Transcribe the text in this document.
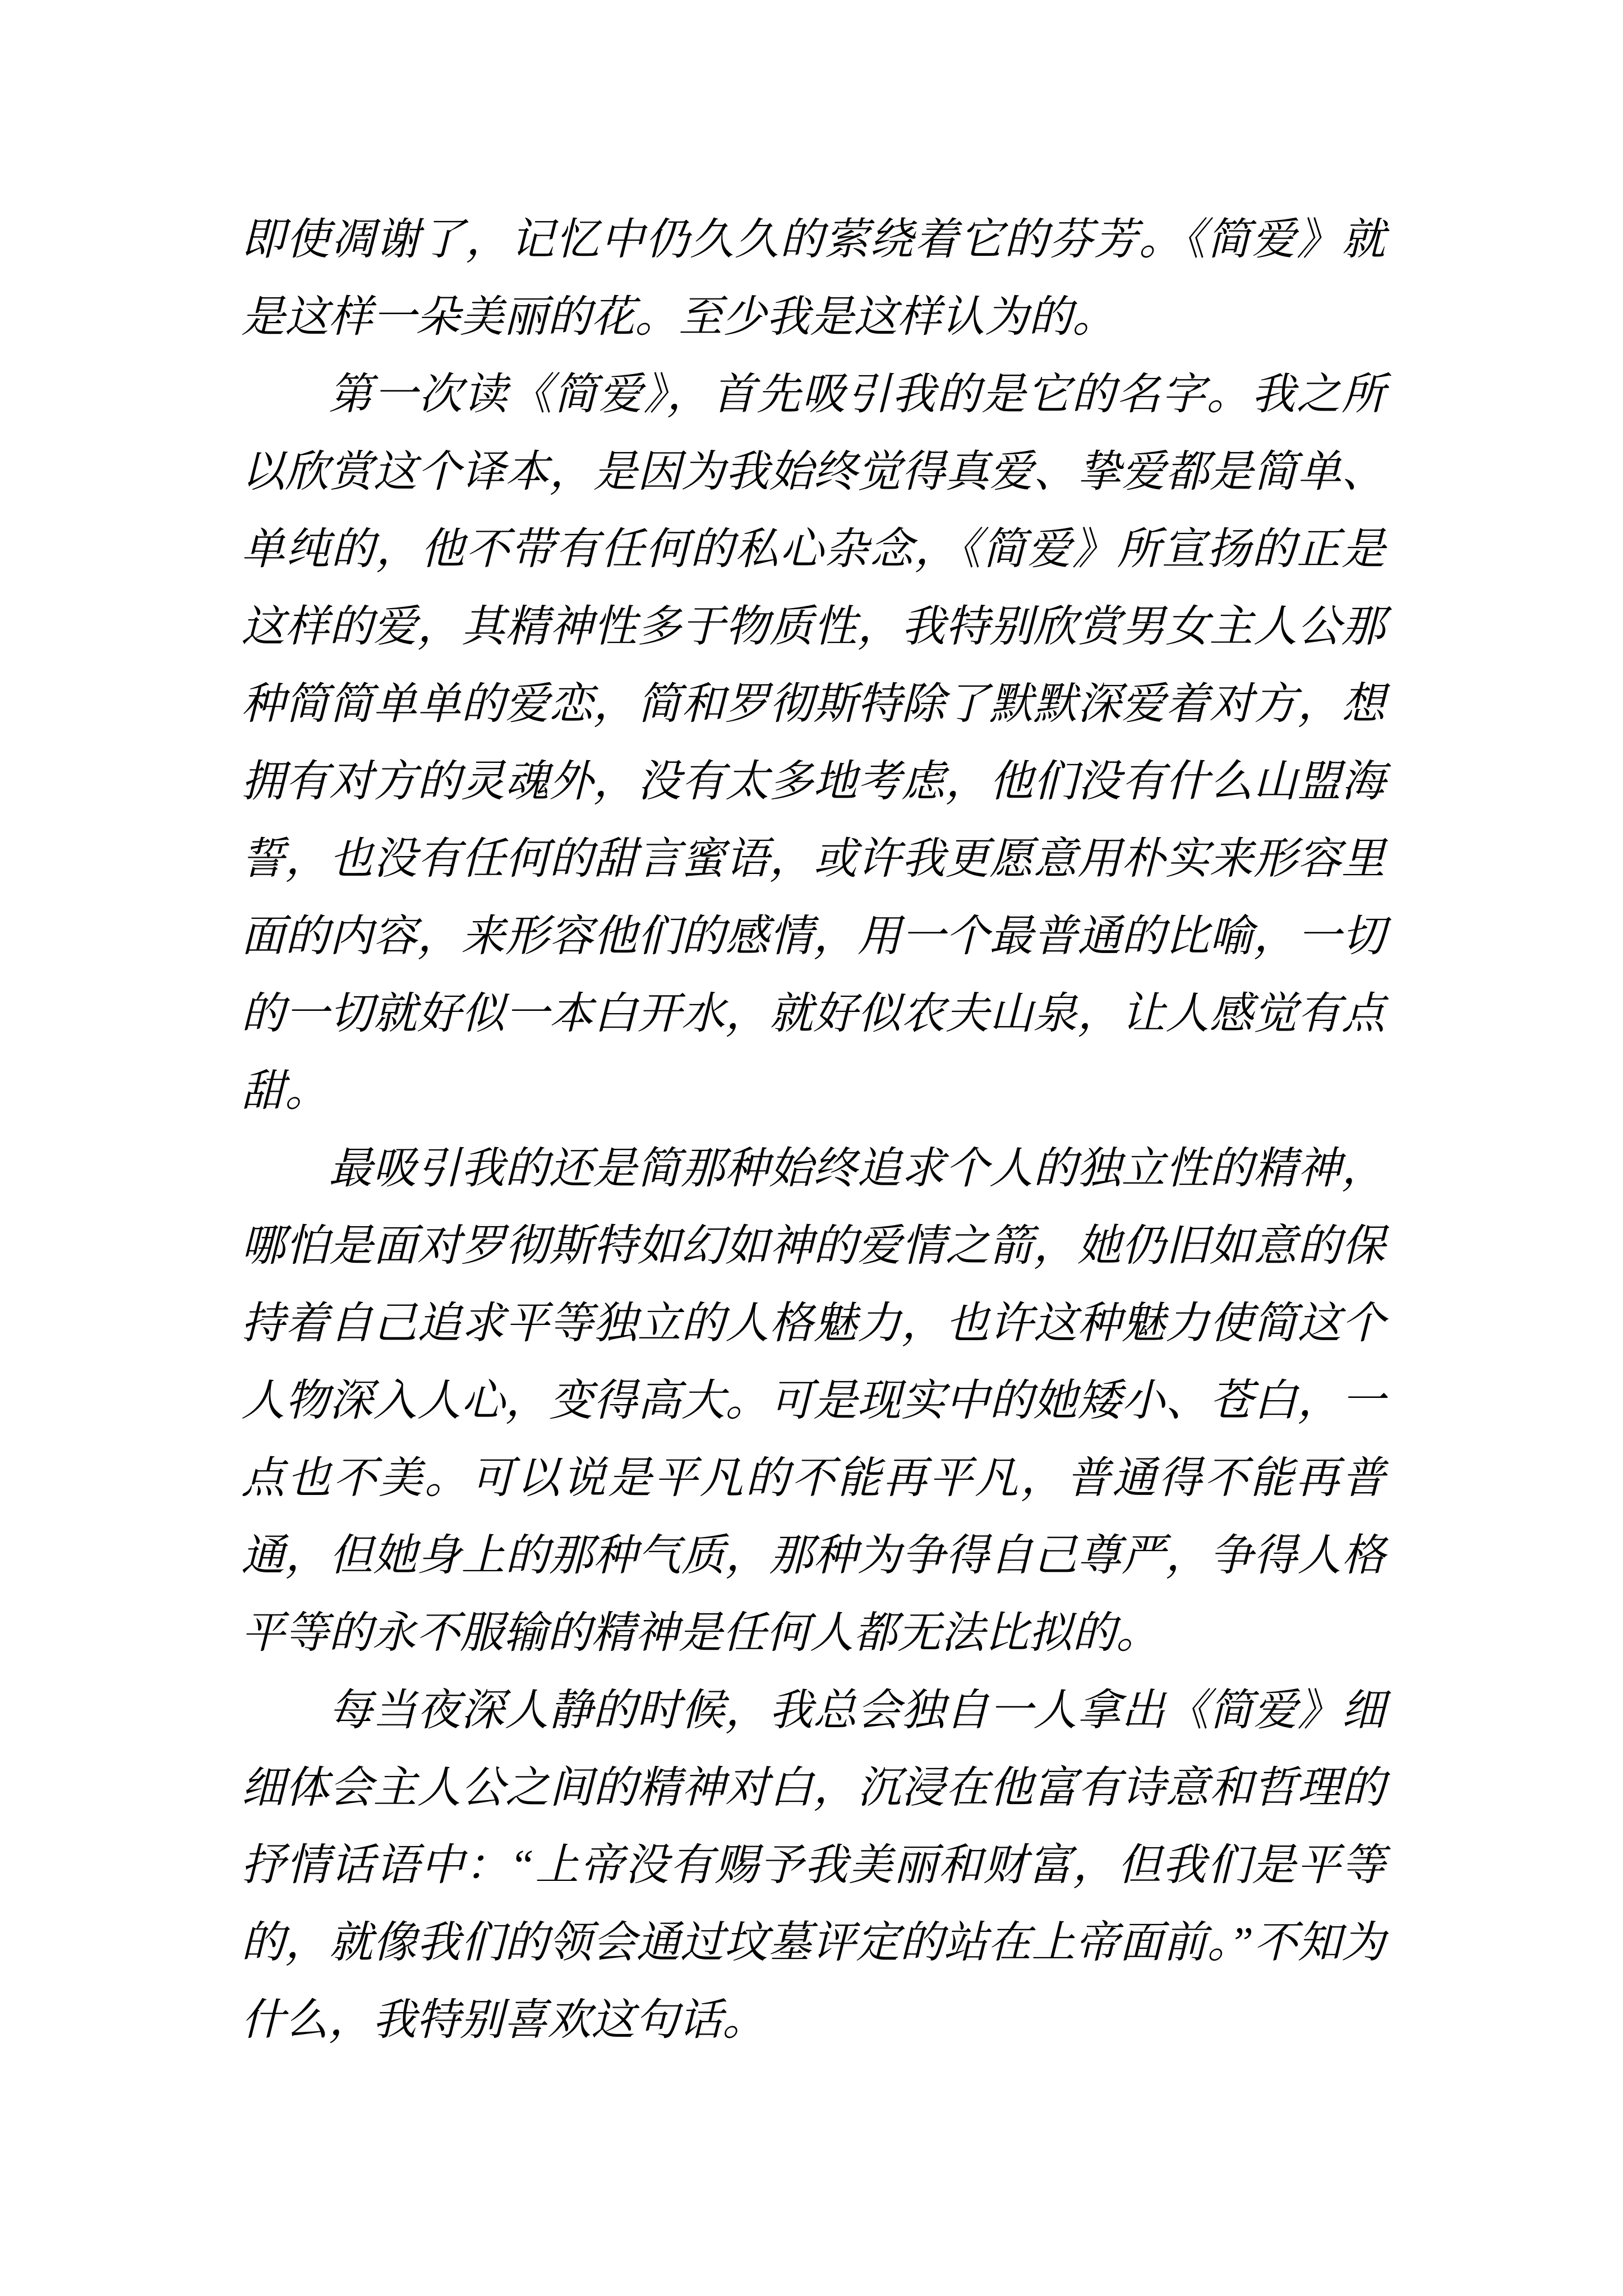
即使凋谢了，记忆中仍久久的萦绕着它的芬芳。《简爱》就是这样一朵美丽的花。至少我是这样认为的。

第一次读《简爱》，首先吸引我的是它的名字。我之所以欣赏这个译本，是因为我始终觉得真爱、挚爱都是简单、单纯的，他不带有任何的私心杂念，《简爱》所宣扬的正是这样的爱，其精神性多于物质性，我特别欣赏男女主人公那种简简单单的爱恋，简和罗彻斯特除了默默深爱着对方，想拥有对方的灵魂外，没有太多地考虑，他们没有什么山盟海誓，也没有任何的甜言蜜语，或许我更愿意用朴实来形容里面的内容，来形容他们的感情，用一个最普通的比喻，一切的一切就好似一本白开水，就好似农夫山泉，让人感觉有点甜。

最吸引我的还是简那种始终追求个人的独立性的精神，哪怕是面对罗彻斯特如幻如神的爱情之箭，她仍旧如意的保持着自己追求平等独立的人格魅力，也许这种魅力使简这个人物深入人心，变得高大。可是现实中的她矮小、苍白，一点也不美。可以说是平凡的不能再平凡，普通得不能再普通，但她身上的那种气质，那种为争得自己尊严，争得人格平等的永不服输的精神是任何人都无法比拟的。

每当夜深人静的时候，我总会独自一人拿出《简爱》细细体会主人公之间的精神对白，沉浸在他富有诗意和哲理的抒情话语中：“上帝没有赐予我美丽和财富，但我们是平等的，就像我们的领会通过坟墓评定的站在上帝面前。”不知为什么，我特别喜欢这句话。
